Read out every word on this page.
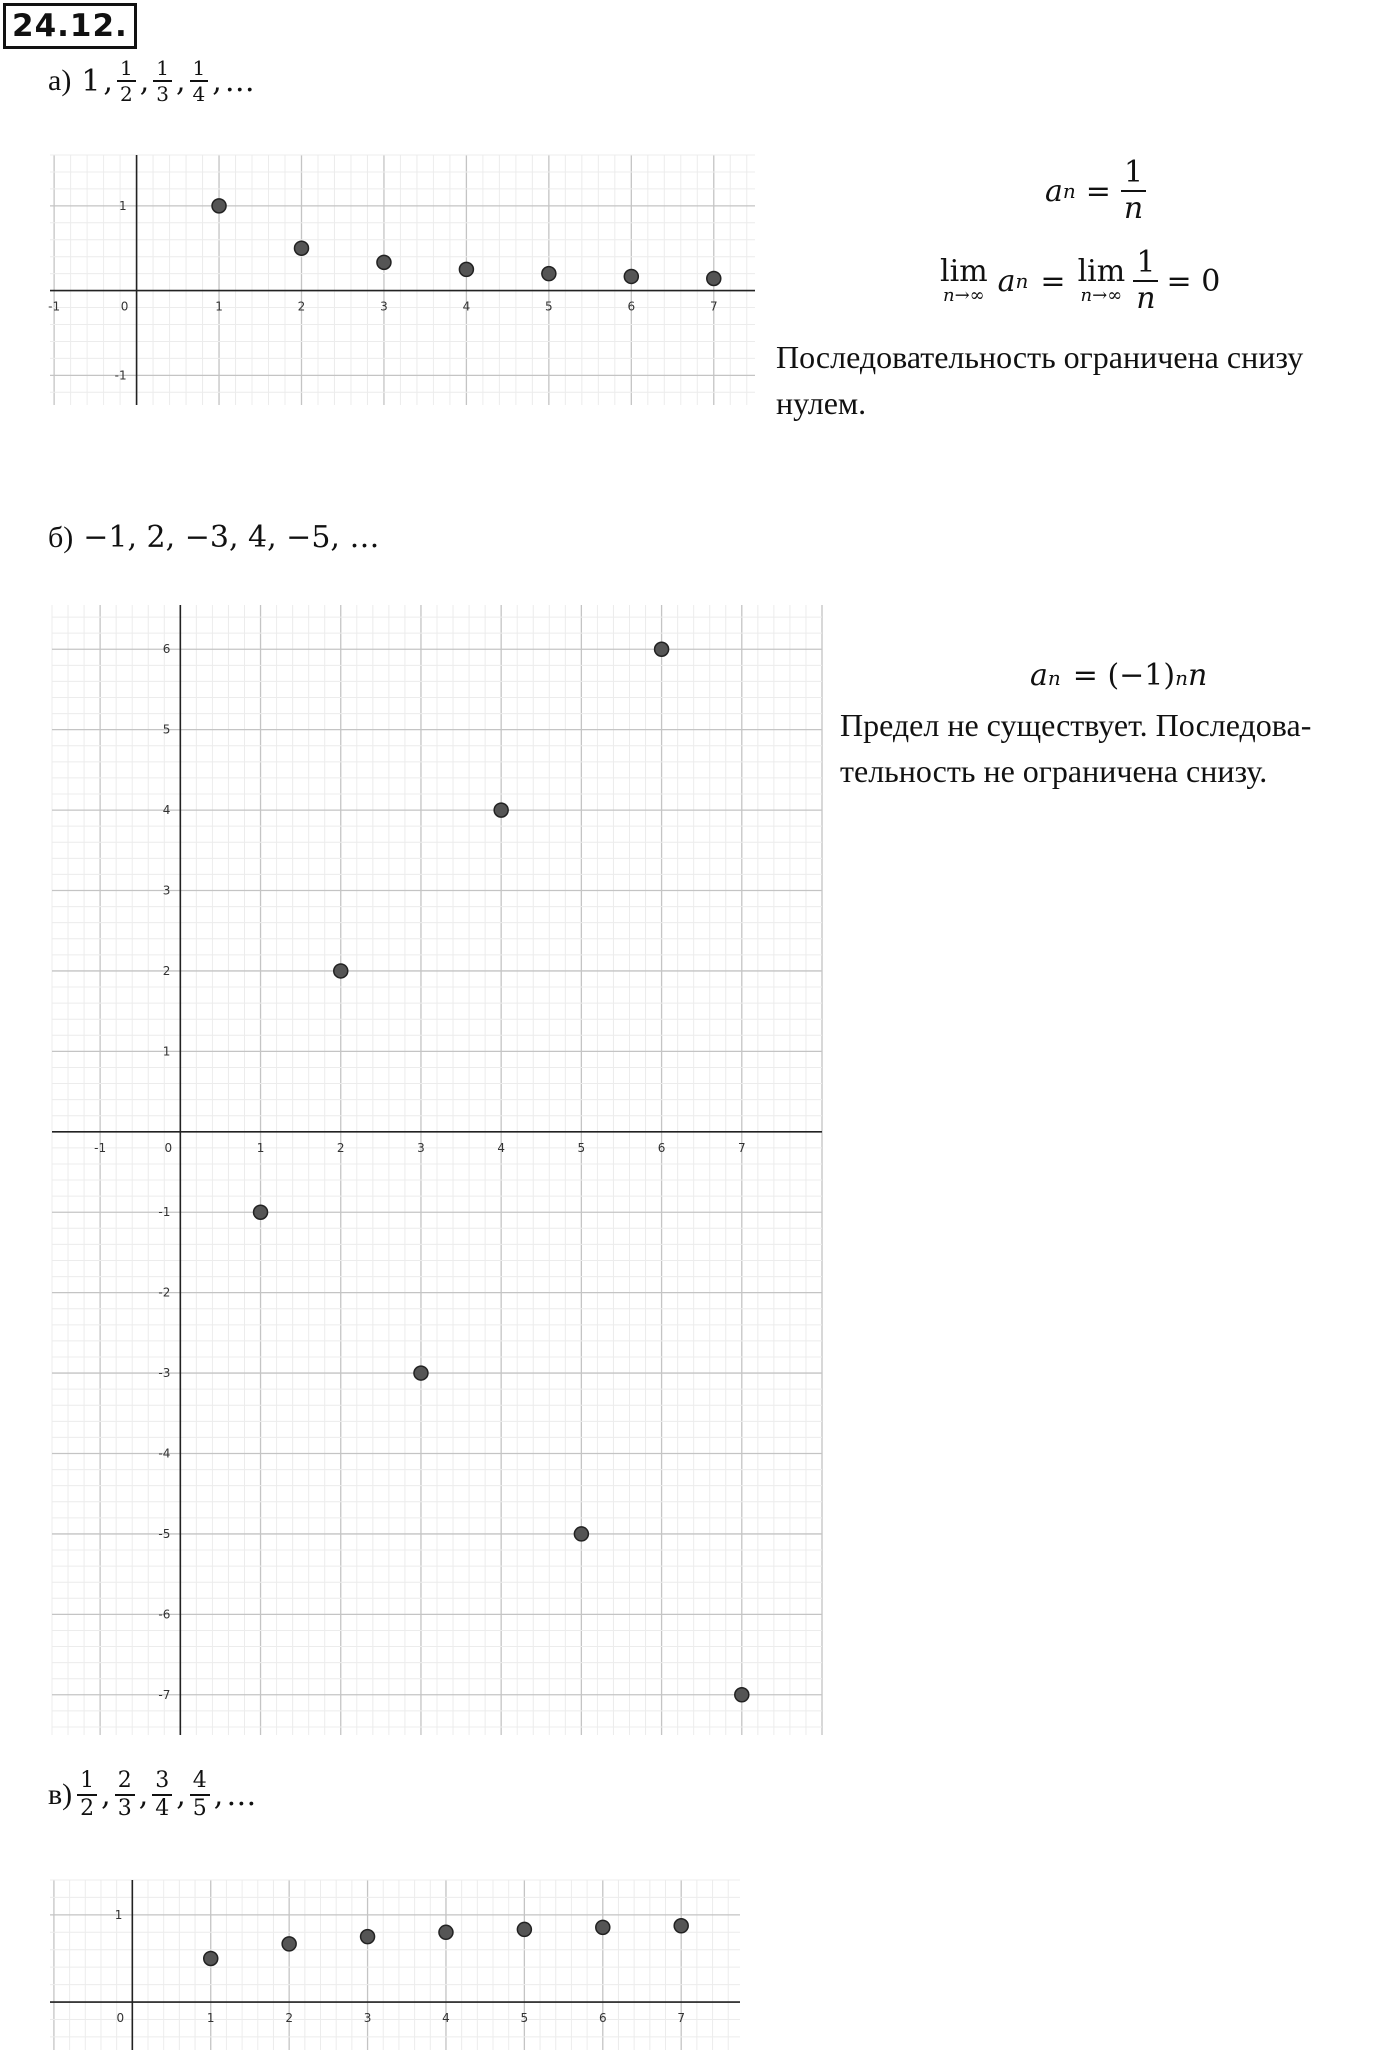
24.12.
а) 1 , $\frac{1}{2}$ , $\frac{1}{3}$ , $\frac{1}{4}$ , …
-1	0	1	2	3	4	5	6	7
1
-1
a $n = \frac{1}{n}$
lim
n→∞ a n = lim
$n\to\infty \frac{1}{n} = 0$
Последовательность ограничена снизу
нулем.
б) −1, 2, −3, 4, −5, …
-1	0	1	2	3	4	5	6	7
6
5
4
3
2
1
-1
-2
-3
-4
-5
-6
-7
a n = (−1) n n
Предел не существует. Последова-
тельность не ограничена снизу.
$в) \frac{1}{2}$ , $\frac{2}{3}$ , $\frac{3}{4}$ , $\frac{4}{5}$ , …
0	1	2	3	4	5	6	7
1
